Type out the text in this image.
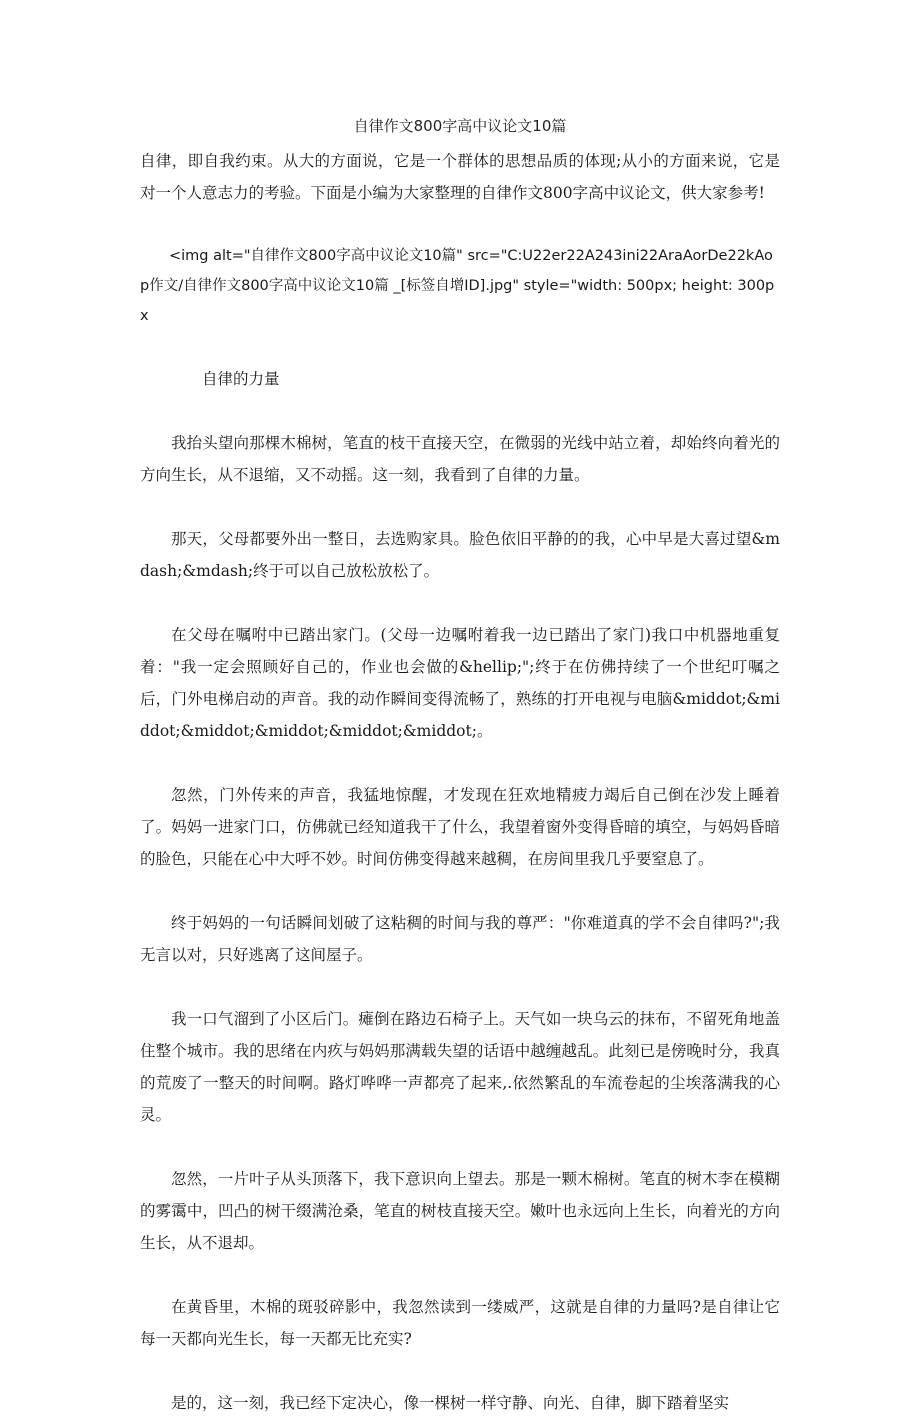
自律作文800字高中议论文10篇

自律，即自我约束。从大的方面说，它是一个群体的思想品质的体现;从小的方面来说，它是对一个人意志力的考验。下面是小编为大家整理的自律作文800字高中议论文，供大家参考!

<img alt="自律作文800字高中议论文10篇" src="C:U22er22A243ini22AraAorDe22kAop作文/自律作文800字高中议论文10篇 _[标签自增ID].jpg" style="width: 500px; height: 300px

自律的力量

我抬头望向那棵木棉树，笔直的枝干直接天空，在微弱的光线中站立着，却始终向着光的方向生长，从不退缩，又不动摇。这一刻，我看到了自律的力量。

那天，父母都要外出一整日，去选购家具。脸色依旧平静的的我，心中早是大喜过望&mdash;&mdash;终于可以自己放松放松了。

在父母在嘱咐中已踏出家门。(父母一边嘱咐着我一边已踏出了家门)我口中机器地重复着："我一定会照顾好自己的，作业也会做的&hellip;";终于在仿佛持续了一个世纪叮嘱之后，门外电梯启动的声音。我的动作瞬间变得流畅了，熟练的打开电视与电脑&middot;&middot;&middot;&middot;&middot;&middot;。

忽然，门外传来的声音，我猛地惊醒，才发现在狂欢地精疲力竭后自己倒在沙发上睡着了。妈妈一进家门口，仿佛就已经知道我干了什么，我望着窗外变得昏暗的填空，与妈妈昏暗的脸色，只能在心中大呼不妙。时间仿佛变得越来越稠，在房间里我几乎要窒息了。

终于妈妈的一句话瞬间划破了这粘稠的时间与我的尊严："你难道真的学不会自律吗?";我无言以对，只好逃离了这间屋子。

我一口气溜到了小区后门。瘫倒在路边石椅子上。天气如一块乌云的抹布，不留死角地盖住整个城市。我的思绪在内疚与妈妈那满载失望的话语中越缠越乱。此刻已是傍晚时分，我真的荒废了一整天的时间啊。路灯哗哗一声都亮了起来,.依然繁乱的车流卷起的尘埃落满我的心灵。

忽然，一片叶子从头顶落下，我下意识向上望去。那是一颗木棉树。笔直的树木李在模糊的雾霭中，凹凸的树干缀满沧桑，笔直的树枝直接天空。嫩叶也永远向上生长，向着光的方向生长，从不退却。

在黄昏里，木棉的斑驳碎影中，我忽然读到一缕威严，这就是自律的力量吗?是自律让它每一天都向光生长，每一天都无比充实?

是的，这一刻，我已经下定决心，像一棵树一样守静、向光、自律，脚下踏着坚实
